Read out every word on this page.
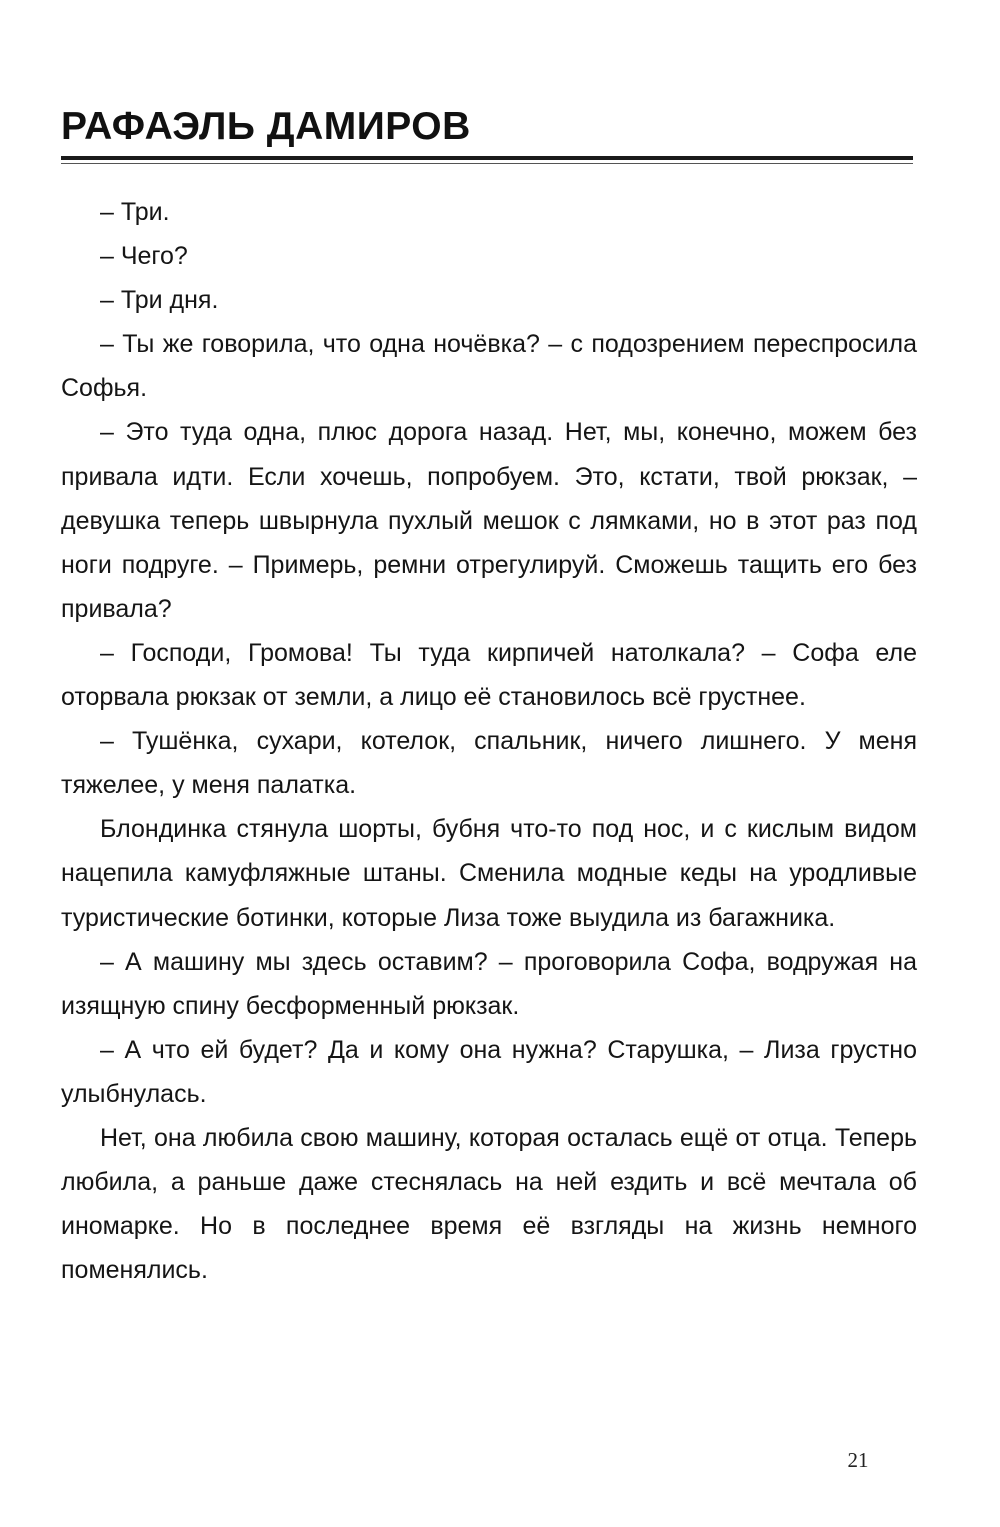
РАФАЭЛЬ ДАМИРОВ

– Три.

– Чего?

– Три дня.

– Ты же говорила, что одна ночёвка? – с подозрением переспросила Софья.

– Это туда одна, плюс дорога назад. Нет, мы, конечно, можем без привала идти. Если хочешь, попробуем. Это, кстати, твой рюкзак, – девушка теперь швырнула пухлый мешок с лямками, но в этот раз под ноги подруге. – Примерь, ремни отрегулируй. Сможешь тащить его без привала?

– Господи, Громова! Ты туда кирпичей натолкала? – Софа еле оторвала рюкзак от земли, а лицо её становилось всё грустнее.

– Тушёнка, сухари, котелок, спальник, ничего лишнего. У меня тяжелее, у меня палатка.

Блондинка стянула шорты, бубня что-то под нос, и с кислым видом нацепила камуфляжные штаны. Сменила модные кеды на уродливые туристические ботинки, которые Лиза тоже выудила из багажника.

– А машину мы здесь оставим? – проговорила Софа, водружая на изящную спину бесформенный рюкзак.

– А что ей будет? Да и кому она нужна? Старушка, – Лиза грустно улыбнулась.

Нет, она любила свою машину, которая осталась ещё от отца. Теперь любила, а раньше даже стеснялась на ней ездить и всё мечтала об иномарке. Но в последнее время её взгляды на жизнь немного поменялись.

21
